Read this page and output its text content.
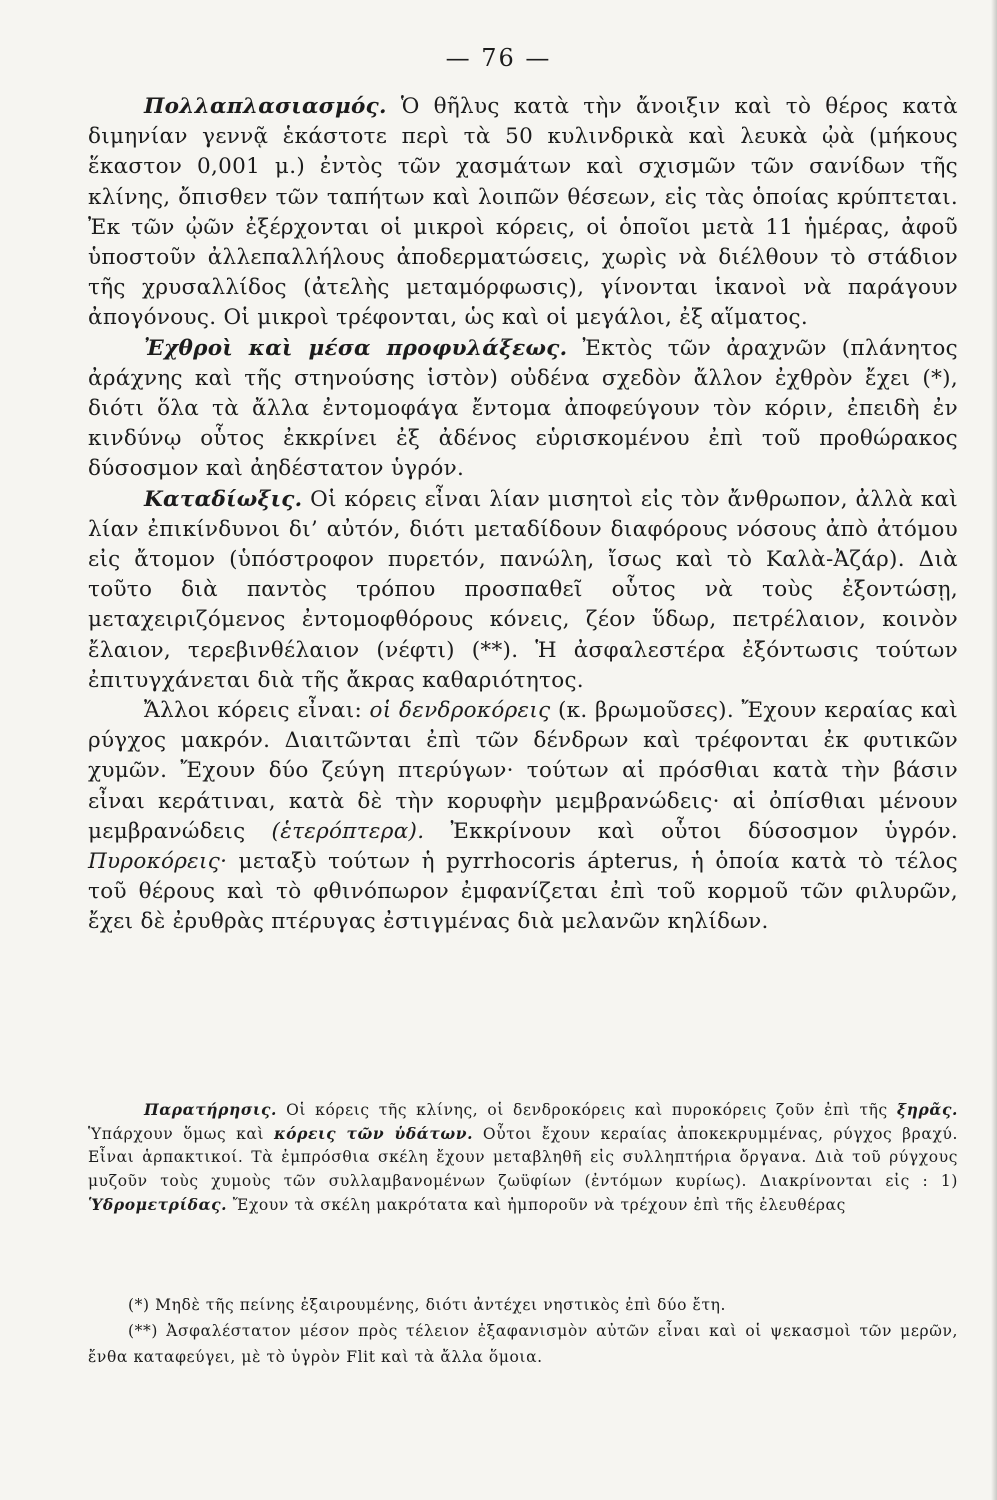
— 76 —

Πολλαπλασιασμός. Ὁ θῆλυς κατὰ τὴν ἄνοιξιν καὶ τὸ θέρος κατὰ διμηνίαν γεννᾷ ἑκάστοτε περὶ τὰ 50 κυλινδρικὰ καὶ λευκὰ ᾠὰ (μήκους ἕκαστον 0,001 μ.) ἐντὸς τῶν χασμάτων καὶ σχισμῶν τῶν σανίδων τῆς κλίνης, ὄπισθεν τῶν ταπήτων καὶ λοιπῶν θέσεων, εἰς τὰς ὁποίας κρύπτεται. Ἐκ τῶν ᾠῶν ἐξέρχονται οἱ μικροὶ κόρεις, οἱ ὁποῖοι μετὰ 11 ἡμέρας, ἀφοῦ ὑποστοῦν ἀλλεπαλλήλους ἀποδερματώσεις, χωρὶς νὰ διέλθουν τὸ στάδιον τῆς χρυσαλλίδος (ἀτελὴς μεταμόρφωσις), γίνονται ἱκανοὶ νὰ παράγουν ἀπογόνους. Οἱ μικροὶ τρέφονται, ὡς καὶ οἱ μεγάλοι, ἐξ αἵματος.

Ἐχθροὶ καὶ μέσα προφυλάξεως. Ἐκτὸς τῶν ἀραχνῶν (πλάνητος ἀράχνης καὶ τῆς στηνούσης ἱστὸν) οὐδένα σχεδὸν ἄλλον ἐχθρὸν ἔχει (*), διότι ὅλα τὰ ἄλλα ἐντομοφάγα ἔντομα ἀποφεύγουν τὸν κόριν, ἐπειδὴ ἐν κινδύνῳ οὗτος ἐκκρίνει ἐξ ἀδένος εὑρισκομένου ἐπὶ τοῦ προθώρακος δύσοσμον καὶ ἀηδέστατον ὑγρόν.

Καταδίωξις. Οἱ κόρεις εἶναι λίαν μισητοὶ εἰς τὸν ἄνθρωπον, ἀλλὰ καὶ λίαν ἐπικίνδυνοι δι’ αὐτόν, διότι μεταδίδουν διαφόρους νόσους ἀπὸ ἀτόμου εἰς ἄτομον (ὑπόστροφον πυρετόν, πανώλη, ἴσως καὶ τὸ Καλὰ-Ἀζάρ). Διὰ τοῦτο διὰ παντὸς τρόπου προσπαθεῖ οὗτος νὰ τοὺς ἐξοντώσῃ, μεταχειριζόμενος ἐντομοφθόρους κόνεις, ζέον ὕδωρ, πετρέλαιον, κοινὸν ἔλαιον, τερεβινθέλαιον (νέφτι) (**). Ἡ ἀσφαλεστέρα ἐξόντωσις τούτων ἐπιτυγχάνεται διὰ τῆς ἄκρας καθαριότητος.

Ἄλλοι κόρεις εἶναι: οἱ δενδροκόρεις (κ. βρωμοῦσες). Ἔχουν κεραίας καὶ ρύγχος μακρόν. Διαιτῶνται ἐπὶ τῶν δένδρων καὶ τρέφονται ἐκ φυτικῶν χυμῶν. Ἔχουν δύο ζεύγη πτερύγων· τούτων αἱ πρόσθιαι κατὰ τὴν βάσιν εἶναι κεράτιναι, κατὰ δὲ τὴν κορυφὴν μεμβρανώδεις· αἱ ὀπίσθιαι μένουν μεμβρανώδεις (ἑτερόπτερα). Ἐκκρίνουν καὶ οὗτοι δύσοσμον ὑγρόν. Πυροκόρεις· μεταξὺ τούτων ἡ pyrrhocoris ápterus, ἡ ὁποία κατὰ τὸ τέλος τοῦ θέρους καὶ τὸ φθινόπωρον ἐμφανίζεται ἐπὶ τοῦ κορμοῦ τῶν φιλυρῶν, ἔχει δὲ ἐρυθρὰς πτέρυγας ἐστιγμένας διὰ μελανῶν κηλίδων.

Παρατήρησις. Οἱ κόρεις τῆς κλίνης, οἱ δενδροκόρεις καὶ πυροκόρεις ζοῦν ἐπὶ τῆς ξηρᾶς. Ὑπάρχουν ὅμως καὶ κόρεις τῶν ὑδάτων. Οὗτοι ἔχουν κεραίας ἀποκεκρυμμένας, ρύγχος βραχύ. Εἶναι ἁρπακτικοί. Τὰ ἐμπρόσθια σκέλη ἔχουν μεταβληθῆ εἰς συλληπτήρια ὄργανα. Διὰ τοῦ ρύγχους μυζοῦν τοὺς χυμοὺς τῶν συλλαμβανομένων ζωϋφίων (ἐντόμων κυρίως). Διακρίνονται εἰς : 1) Ὑδρομετρίδας. Ἔχουν τὰ σκέλη μακρότατα καὶ ἠμποροῦν νὰ τρέχουν ἐπὶ τῆς ἐλευθέρας

(*) Μηδὲ τῆς πείνης ἐξαιρουμένης, διότι ἀντέχει νηστικὸς ἐπὶ δύο ἔτη.

(**) Ἀσφαλέστατον μέσον πρὸς τέλειον ἐξαφανισμὸν αὐτῶν εἶναι καὶ οἱ ψεκασμοὶ τῶν μερῶν, ἔνθα καταφεύγει, μὲ τὸ ὑγρὸν Flit καὶ τὰ ἄλλα ὅμοια.
